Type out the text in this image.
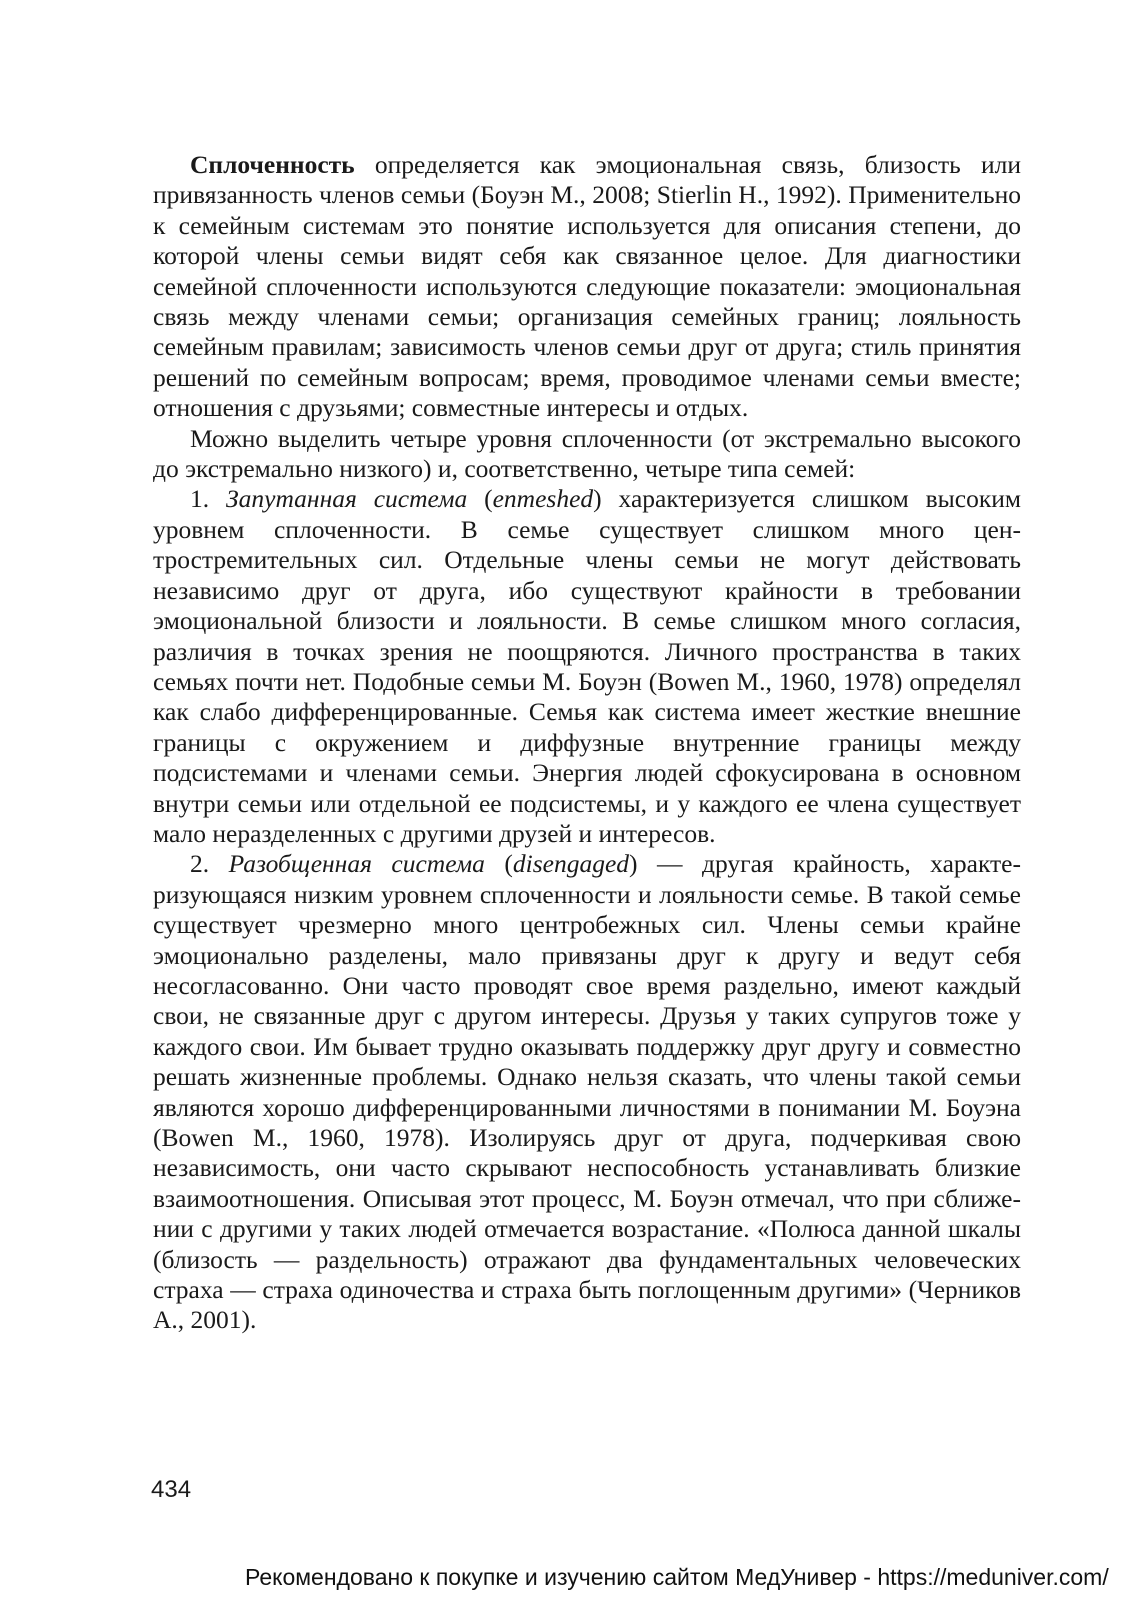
Сплоченность определяется как эмоциональная связь, близость или привязанность членов семьи (Боуэн М., 2008; Stierlin H., 1992). Применительно к семейным системам это понятие используется для описания степени, до которой члены семьи видят себя как связанное целое. Для диагностики семейной сплоченности используются следующие показатели: эмоциональная связь между членами семьи; организация семейных границ; лояльность семейным правилам; зависимость членов семьи друг от друга; стиль принятия решений по семейным вопросам; время, проводимое членами семьи вместе; отношения с друзьями; совместные интересы и отдых.

Можно выделить четыре уровня сплоченности (от экстремально высокого до экстремально низкого) и, соответственно, четыре типа семей:

1. Запутанная система (enmeshed) характеризуется слишком высоким уровнем сплоченности. В семье существует слишком много центростремительных сил. Отдельные члены семьи не могут действовать независимо друг от друга, ибо существуют крайности в требовании эмоциональной близости и лояльности. В семье слишком много согласия, различия в точках зрения не поощряются. Личного пространства в таких семьях почти нет. Подобные семьи М. Боуэн (Bowen M., 1960, 1978) определял как слабо дифференцированные. Семья как система имеет жесткие внешние границы с окружением и диффузные внутренние границы между подсистемами и членами семьи. Энергия людей сфокусирована в основном внутри семьи или отдельной ее подсистемы, и у каждого ее члена существует мало неразделенных с другими друзей и интересов.

2. Разобщенная система (disengaged) — другая крайность, характеризующаяся низким уровнем сплоченности и лояльности семье. В такой семье существует чрезмерно много центробежных сил. Члены семьи крайне эмоционально разделены, мало привязаны друг к другу и ведут себя несогласованно. Они часто проводят свое время раздельно, имеют каждый свои, не связанные друг с другом интересы. Друзья у таких супругов тоже у каждого свои. Им бывает трудно оказывать поддержку друг другу и совместно решать жизненные проблемы. Однако нельзя сказать, что члены такой семьи являются хорошо дифференцированными личностями в понимании М. Боуэна (Bowen M., 1960, 1978). Изолируясь друг от друга, подчеркивая свою независимость, они часто скрывают неспособность устанавливать близкие взаимоотношения. Описывая этот процесс, М. Боуэн отмечал, что при сближении с другими у таких людей отмечается возрастание. «Полюса данной шкалы (близость — раздельность) отражают два фундаментальных человеческих страха — страха одиночества и страха быть поглощенным другими» (Черников А., 2001).

434
Рекомендовано к покупке и изучению сайтом МедУнивер - https://meduniver.com/
